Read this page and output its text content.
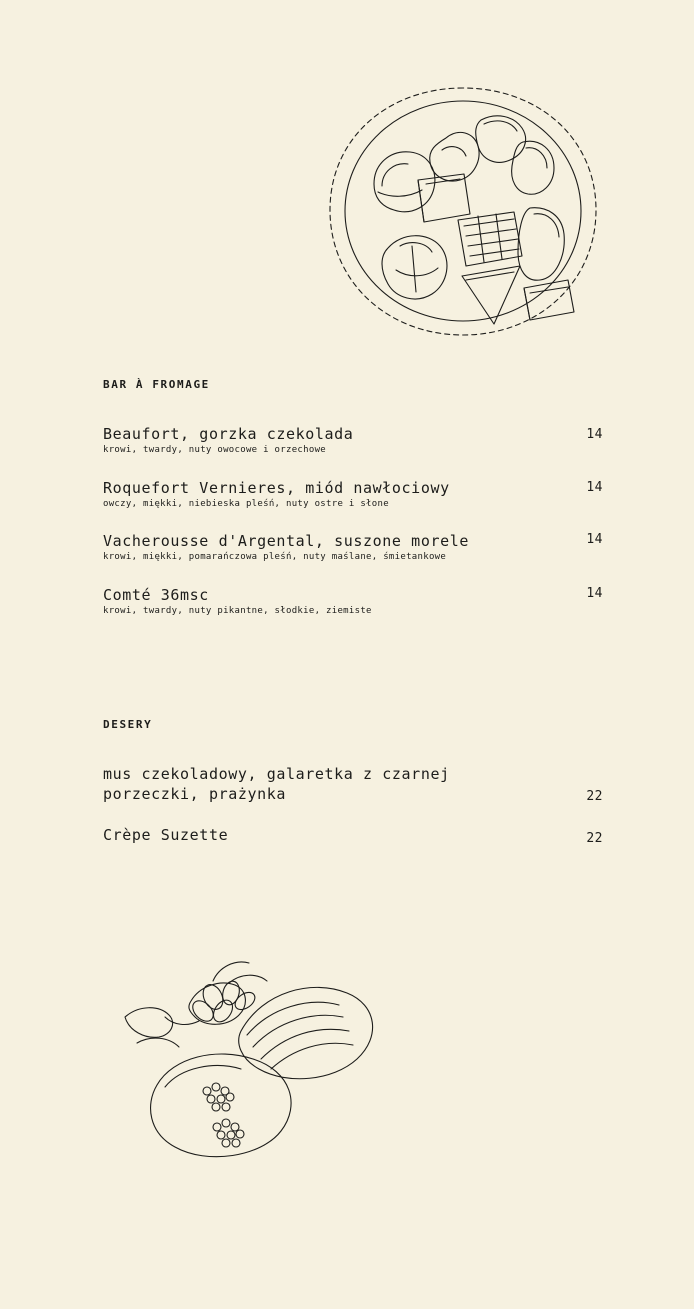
BAR À FROMAGE
Beaufort, gorzka czekolada	14
krowi, twardy, nuty owocowe i orzechowe
Roquefort Vernieres, miód nawłociowy	14
owczy, miękki, niebieska pleśń, nuty ostre i słone
Vacherousse d'Argental, suszone morele	14
krowi, miękki, pomarańczowa pleśń, nuty maślane, śmietankowe
Comté 36msc	14
krowi, twardy, nuty pikantne, słodkie, ziemiste
DESERY
mus czekoladowy, galaretka z czarnej porzeczki, prażynka	22
Crèpe Suzette	22
